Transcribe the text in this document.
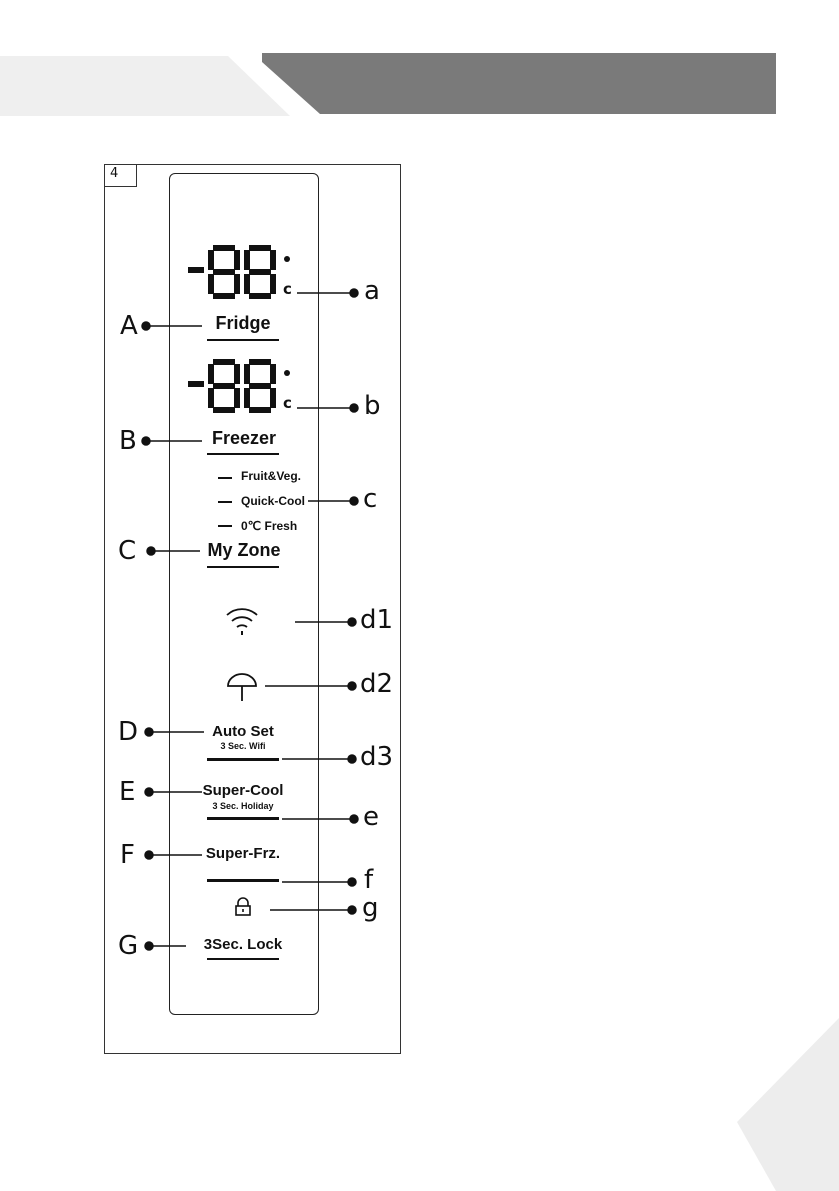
4
c
c
Fridge
Freezer
Fruit&Veg.
Quick-Cool
0℃ Fresh
My Zone
Auto Set
3 Sec. Wifi
Super-Cool
3 Sec. Holiday
Super-Frz.
3Sec. Lock
A
B
C
D
E
F
G
a
b
c
d1
d2
d3
e
f
g
